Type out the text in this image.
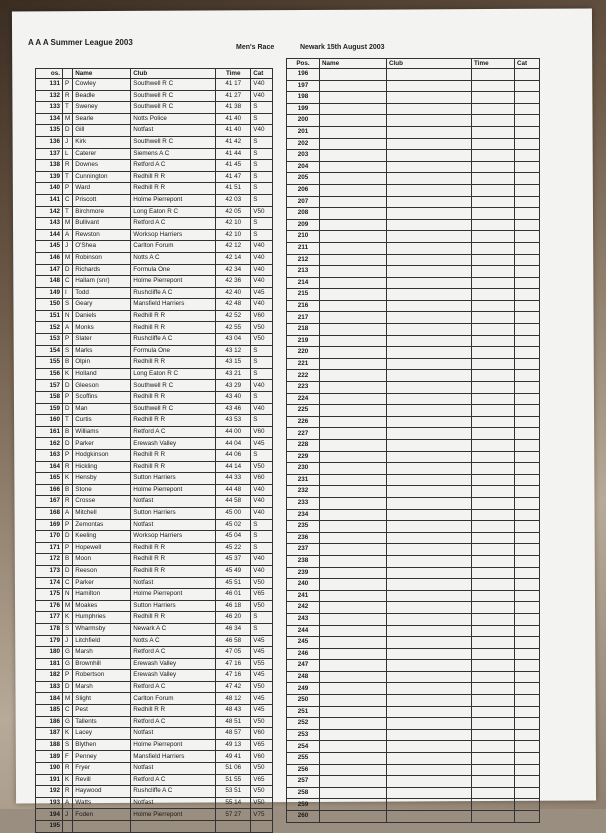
A A A Summer League 2003
Men's Race	Newark 15th August 2003
os.		Name	Club	Time	Cat
131	P	Cowley	Southwell R C	41 17	V40
132	R	Beadle	Southwell R C	41 27	V40
133	T	Sweney	Southwell R C	41 38	S
134	M	Searle	Notts Police	41 40	S
135	D	Gill	Notfast	41 40	V40
136	J	Kirk	Southwell R C	41 42	S
137	L	Caterer	Siemens A C	41 44	S
138	R	Downes	Retford A C	41 45	S
139	T	Cunnington	Redhill R R	41 47	S
140	P	Ward	Redhill R R	41 51	S
141	C	Priscott	Holme Pierrepont	42 03	S
142	T	Birchmore	Long Eaton R C	42 05	V50
143	M	Bullivant	Retford A C	42 10	S
144	A	Rewston	Worksop Harriers	42 10	S
145	J	O'Shea	Carlton Forum	42 12	V40
146	M	Robinson	Notts A C	42 14	V40
147	D	Richards	Formula One	42 34	V40
148	C	Hallam (snr)	Holme Pierrepont	42 36	V40
149	I	Todd	Rushcliffe A C	42 40	V45
150	S	Geary	Mansfield Harriers	42 48	V40
151	N	Daniels	Redhill R R	42 52	V60
152	A	Monks	Redhill R R	42 55	V50
153	P	Slater	Rushcliffe A C	43 04	V50
154	S	Marks	Formula One	43 12	S
155	B	Olpin	Redhill R R	43 15	S
156	K	Holland	Long Eaton R C	43 21	S
157	D	Gleeson	Southwell R C	43 29	V40
158	P	Scoffins	Redhill R R	43 40	S
159	D	Man	Southwell R C	43 46	V40
160	T	Curtis	Redhill R R	43 53	S
161	B	Williams	Retford A C	44 00	V60
162	D	Parker	Erewash Valley	44 04	V45
163	P	Hodgkinson	Redhill R R	44 06	S
164	R	Hickling	Redhill R R	44 14	V50
165	K	Hensby	Sutton Harriers	44 33	V60
166	B	Stone	Holme Pierrepont	44 48	V40
167	R	Crosse	Notfast	44 58	V40
168	A	Mitchell	Sutton Harriers	45 00	V40
169	P	Zemontas	Notfast	45 02	S
170	D	Keeling	Worksop Harriers	45 04	S
171	P	Hopewell	Redhill R R	45 22	S
172	B	Moon	Redhill R R	45 37	V40
173	D	Reeson	Redhill R R	45 49	V40
174	C	Parker	Notfast	45 51	V50
175	N	Hamilton	Holme Pierrepont	46 01	V65
176	M	Moakes	Sutton Harriers	46 18	V50
177	K	Humphries	Redhill R R	46 20	S
178	S	Wharmsby	Newark A C	46 34	S
179	J	Litchfield	Notts A C	46 58	V45
180	G	Marsh	Retford A C	47 05	V45
181	G	Brownhill	Erewash Valley	47 16	V55
182	P	Robertson	Erewash Valley	47 16	V45
183	D	Marsh	Retford A C	47 42	V50
184	M	Slight	Carlton Forum	48 12	V45
185	C	Pest	Redhill R R	48 43	V45
186	G	Tallents	Retford A C	48 51	V50
187	K	Lacey	Notfast	48 57	V60
188	S	Blythen	Holme Pierrepont	49 13	V65
189	F	Penney	Mansfield Harriers	49 41	V60
190	R	Fryer	Notfast	51 06	V50
191	K	Revill	Retford A C	51 55	V65
192	R	Haywood	Rushcliffe A C	53 51	V50
193	A	Watts	Notfast	55 14	V50
194	J	Foden	Holme Pierrepont	57 27	V75
195					
Pos.	Name	Club	Time	Cat
196				
197				
198				
199				
200				
201				
202				
203				
204				
205				
206				
207				
208				
209				
210				
211				
212				
213				
214				
215				
216				
217				
218				
219				
220				
221				
222				
223				
224				
225				
226				
227				
228				
229				
230				
231				
232				
233				
234				
235				
236				
237				
238				
239				
240				
241				
242				
243				
244				
245				
246				
247				
248				
249				
250				
251				
252				
253				
254				
255				
256				
257				
258				
259				
260				
